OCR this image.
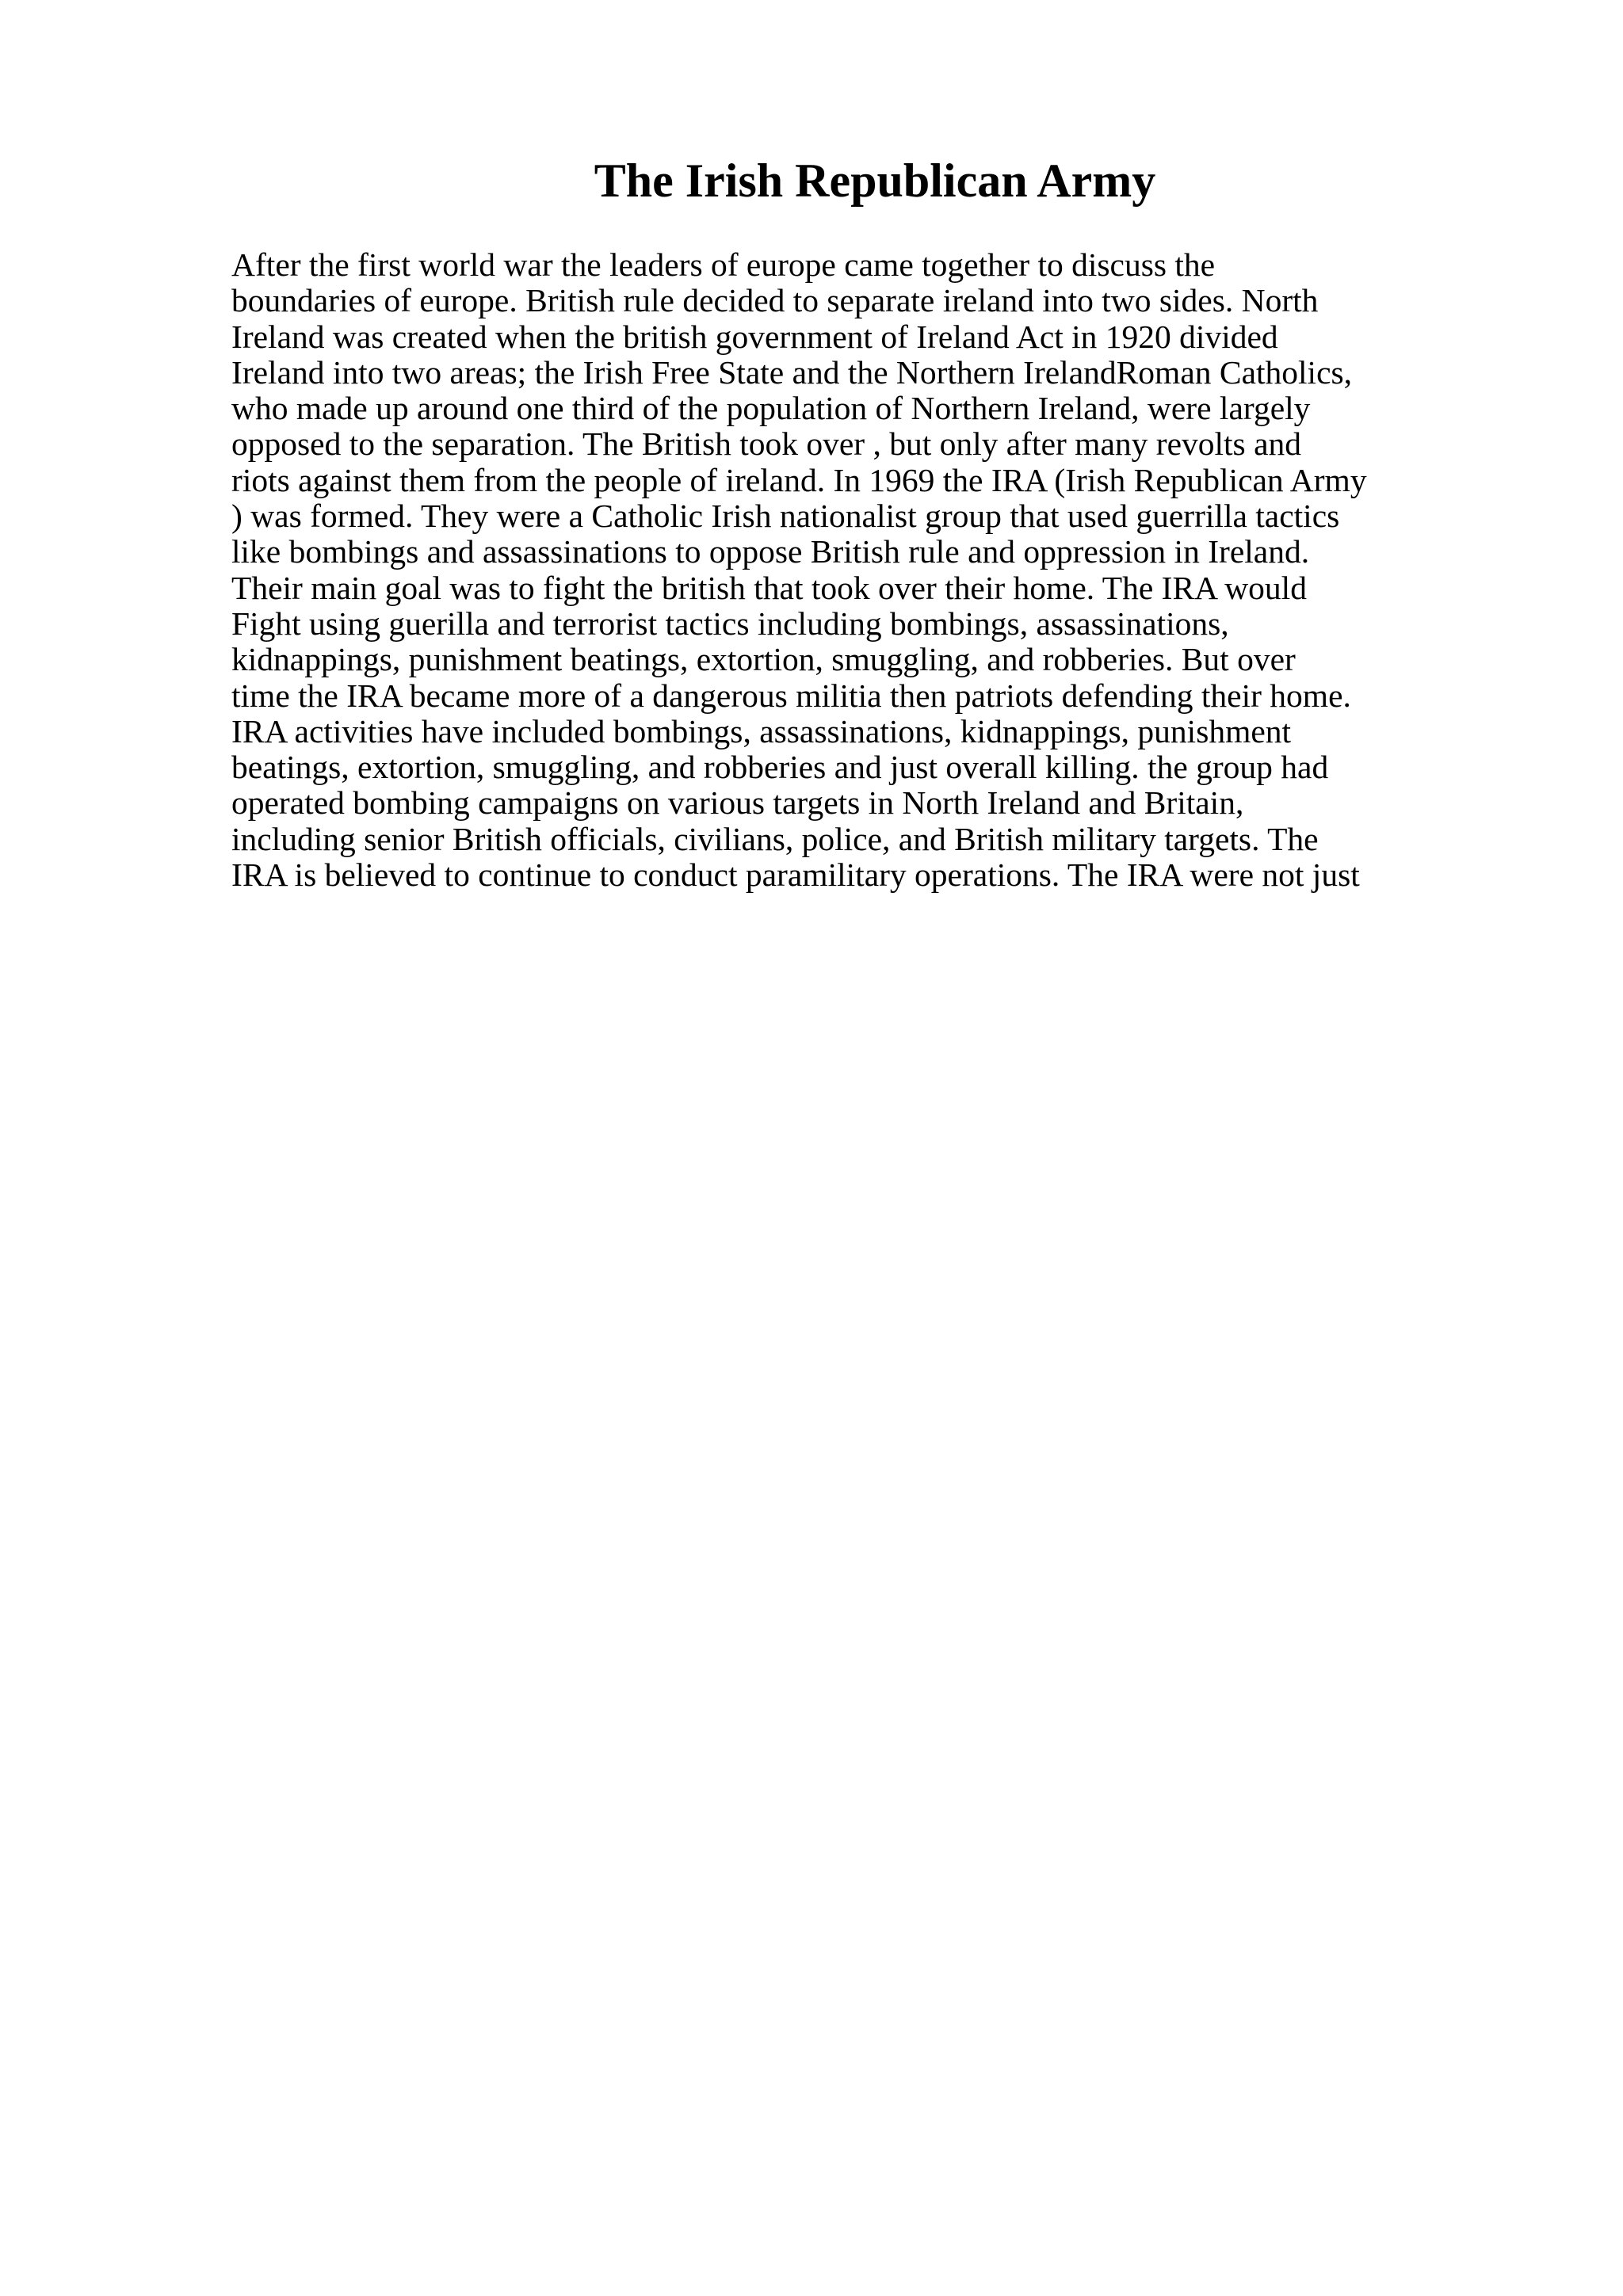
The Irish Republican Army
After the first world war the leaders of europe came together to discuss the
boundaries of europe. British rule decided to separate ireland into two sides. North
Ireland was created when the british government of Ireland Act in 1920 divided
Ireland into two areas; the Irish Free State and the Northern IrelandRoman Catholics,
who made up around one third of the population of Northern Ireland, were largely
opposed to the separation. The British took over , but only after many revolts and
riots against them from the people of ireland. In 1969 the IRA (Irish Republican Army
) was formed. They were a Catholic Irish nationalist group that used guerrilla tactics
like bombings and assassinations to oppose British rule and oppression in Ireland.
Their main goal was to fight the british that took over their home. The IRA would
Fight using guerilla and terrorist tactics including bombings, assassinations,
kidnappings, punishment beatings, extortion, smuggling, and robberies. But over
time the IRA became more of a dangerous militia then patriots defending their home.
IRA activities have included bombings, assassinations, kidnappings, punishment
beatings, extortion, smuggling, and robberies and just overall killing. the group had
operated bombing campaigns on various targets in North Ireland and Britain,
including senior British officials, civilians, police, and British military targets. The
IRA is believed to continue to conduct paramilitary operations. The IRA were not just
